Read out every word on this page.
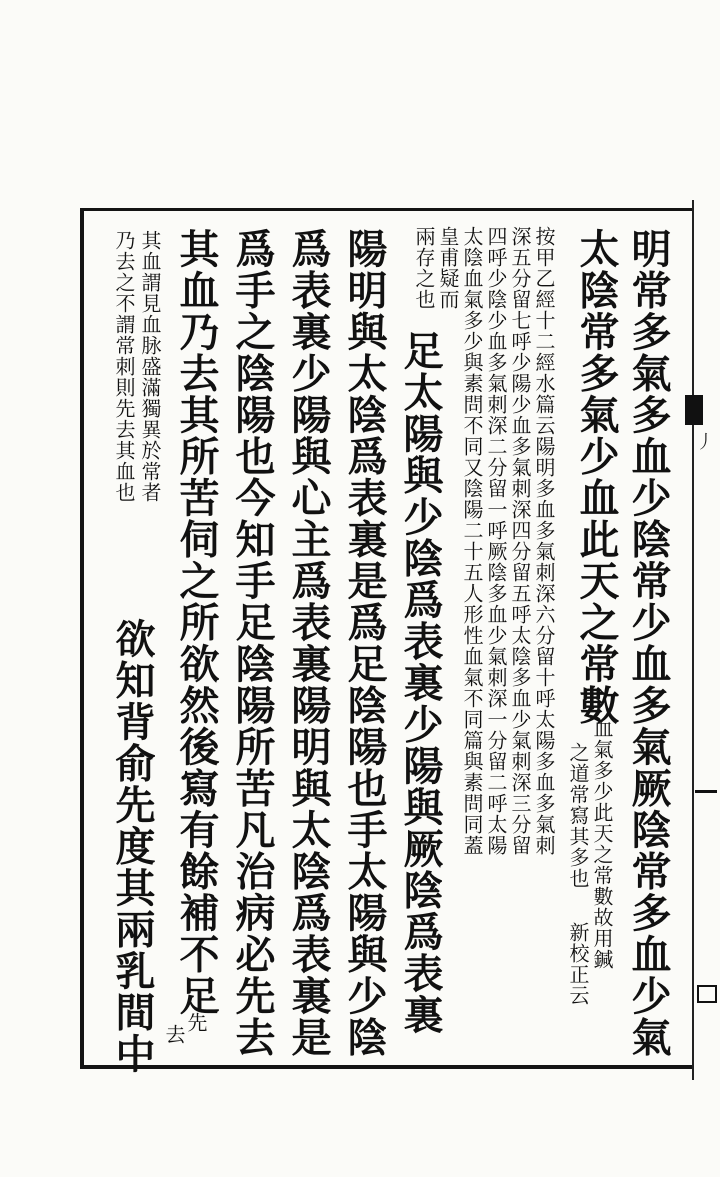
丿
明常多氣多血少陰常少血多氣厥陰常多血少氣
太陰常多氣少血此天之常數
血氣多少此天之常數故用鍼
之道常寫其多也
新校正云
按甲乙經十二經水篇云陽明多血多氣刺深六分留十呼太陽多血多氣刺
深五分留七呼少陽少血多氣刺深四分留五呼太陰多血少氣刺深三分留
四呼少陰少血多氣刺深二分留一呼厥陰多血少氣刺深一分留二呼太陽
太陰血氣多少與素問不同又陰陽二十五人形性血氣不同篇與素問同蓋
皇甫疑而
兩存之也
足太陽與少陰爲表裏少陽與厥陰爲表裏
陽明與太陰爲表裏是爲足陰陽也手太陽與少陰
爲表裏少陽與心主爲表裏陽明與太陰爲表裏是
爲手之陰陽也今知手足陰陽所苦凡治病必先去
其血乃去其所苦伺之所欲然後寫有餘補不足
先
去
其血謂見血脉盛滿獨異於常者
乃去之不謂常刺則先去其血也
欲知背俞先度其兩乳間中
